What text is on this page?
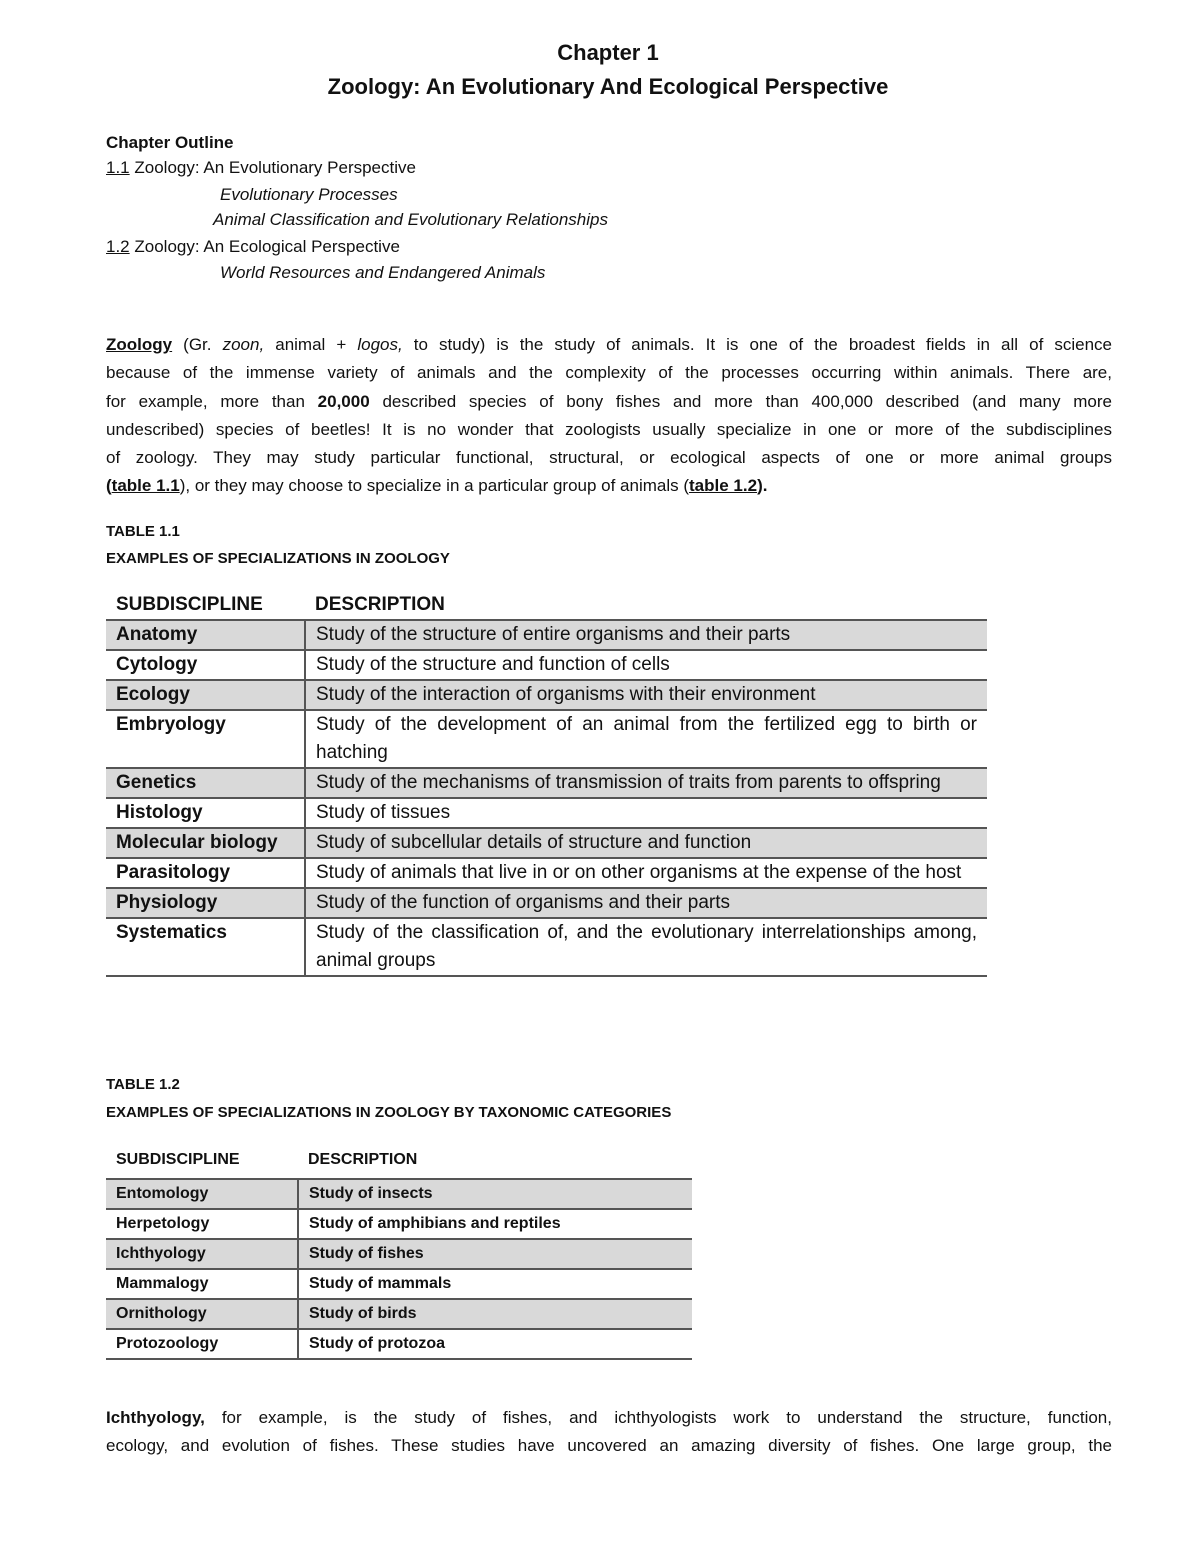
Chapter 1
Zoology: An Evolutionary And Ecological Perspective
Chapter Outline
1.1 Zoology: An Evolutionary Perspective
Evolutionary Processes
Animal Classification and Evolutionary Relationships
1.2 Zoology: An Ecological Perspective
World Resources and Endangered Animals
Zoology (Gr. zoon, animal + logos, to study) is the study of animals. It is one of the broadest fields in all of science
because of the immense variety of animals and the complexity of the processes occurring within animals. There are,
for example, more than 20,000 described species of bony fishes and more than 400,000 described (and many more
undescribed) species of beetles! It is no wonder that zoologists usually specialize in one or more of the subdisciplines
of zoology. They may study particular functional, structural, or ecological aspects of one or more animal groups
(table 1.1), or they may choose to specialize in a particular group of animals (table 1.2).
TABLE 1.1
EXAMPLES OF SPECIALIZATIONS IN ZOOLOGY
SUBDISCIPLINE	DESCRIPTION
Anatomy	Study of the structure of entire organisms and their parts
Cytology	Study of the structure and function of cells
Ecology	Study of the interaction of organisms with their environment
Embryology	Study of the development of an animal from the fertilized egg to birth or hatching
Genetics	Study of the mechanisms of transmission of traits from parents to offspring
Histology	Study of tissues
Molecular biology	Study of subcellular details of structure and function
Parasitology	Study of animals that live in or on other organisms at the expense of the host
Physiology	Study of the function of organisms and their parts
Systematics	Study of the classification of, and the evolutionary interrelationships among, animal groups
TABLE 1.2
EXAMPLES OF SPECIALIZATIONS IN ZOOLOGY BY TAXONOMIC CATEGORIES
SUBDISCIPLINE	DESCRIPTION
Entomology	Study of insects
Herpetology	Study of amphibians and reptiles
Ichthyology	Study of fishes
Mammalogy	Study of mammals
Ornithology	Study of birds
Protozoology	Study of protozoa
Ichthyology, for example, is the study of fishes, and ichthyologists work to understand the structure, function,
ecology, and evolution of fishes. These studies have uncovered an amazing diversity of fishes. One large group, the
